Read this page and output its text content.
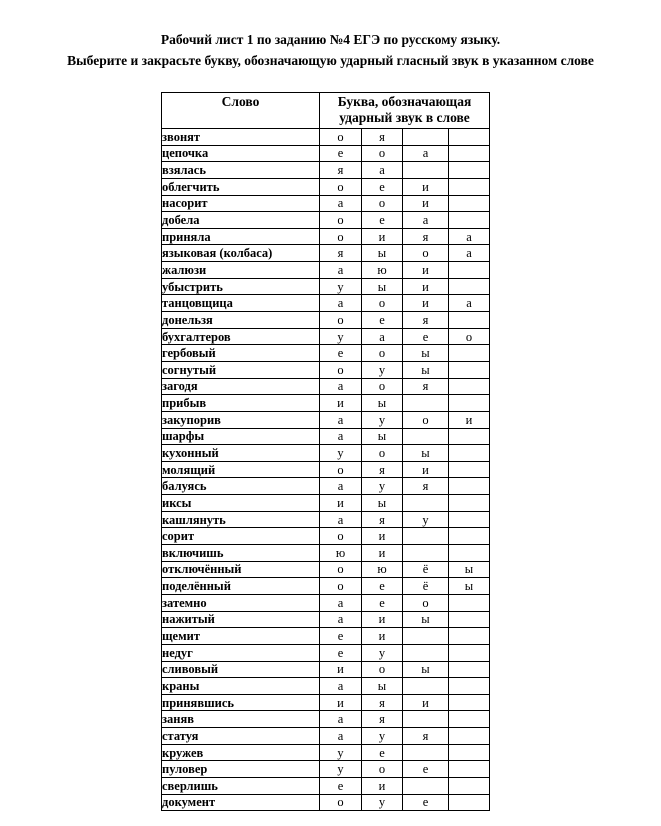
Рабочий лист 1 по заданию №4 ЕГЭ по русскому языку.
Выберите и закрасьте букву, обозначающую ударный гласный звук в указанном слове
Слово	Буква, обозначающая ударный звук в слове			
звонят	о	я		
цепочка	е	о	а	
взялась	я	а		
облегчить	о	е	и	
насорит	а	о	и	
добела	о	е	а	
приняла	о	и	я	а
языковая (колбаса)	я	ы	о	а
жалюзи	а	ю	и	
убыстрить	у	ы	и	
танцовщица	а	о	и	а
донельзя	о	е	я	
бухгалтеров	у	а	е	о
гербовый	е	о	ы	
согнутый	о	у	ы	
загодя	а	о	я	
прибыв	и	ы		
закупорив	а	у	о	и
шарфы	а	ы		
кухонный	у	о	ы	
молящий	о	я	и	
балуясь	а	у	я	
иксы	и	ы		
кашлянуть	а	я	у	
сорит	о	и		
включишь	ю	и		
отключённый	о	ю	ё	ы
поделённый	о	е	ё	ы
затемно	а	е	о	
нажитый	а	и	ы	
щемит	е	и		
недуг	е	у		
сливовый	и	о	ы	
краны	а	ы		
принявшись	и	я	и	
заняв	а	я		
статуя	а	у	я	
кружев	у	е		
пуловер	у	о	е	
сверлишь	е	и		
документ	о	у	е	
